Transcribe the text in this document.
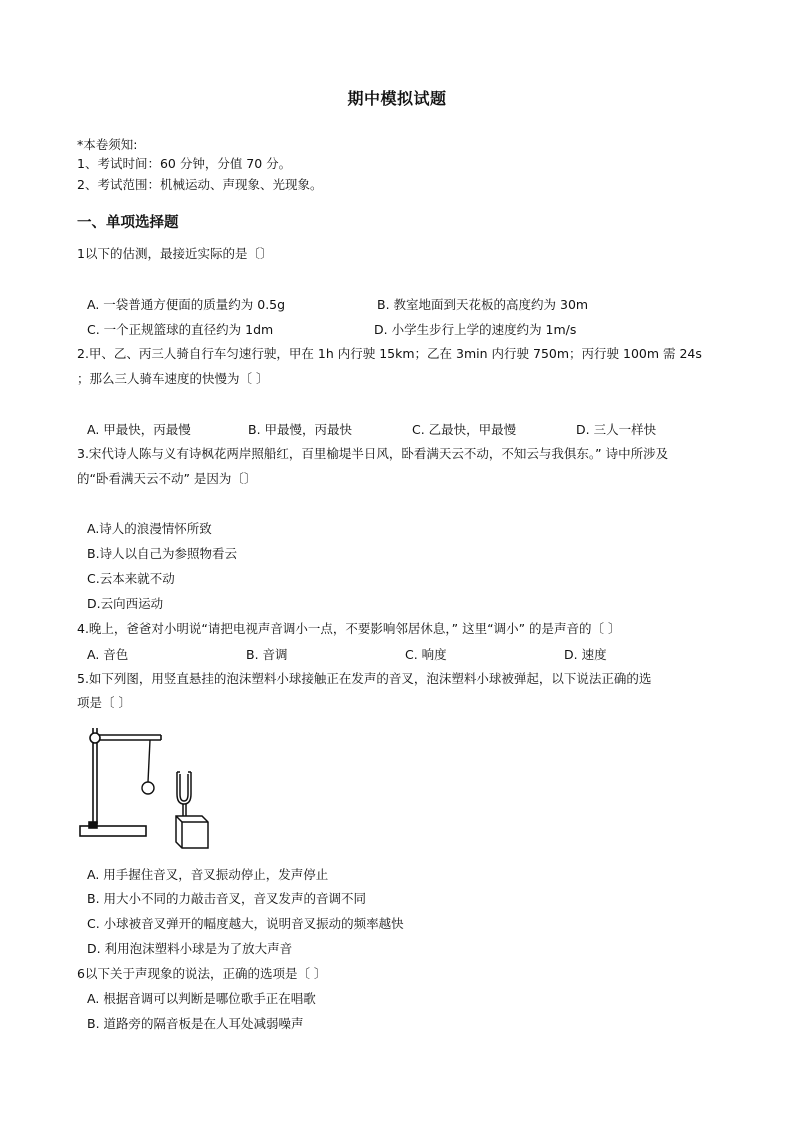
期中模拟试题
*本卷须知:
1、考试时间：60 分钟，分值 70 分。
2、考试范围：机械运动、声现象、光现象。
一、单项选择题
1以下的估测，最接近实际的是〔〕
A. 一袋普通方便面的质量约为 0.5g	B. 教室地面到天花板的高度约为 30m
C. 一个正规篮球的直径约为 1dm	D. 小学生步行上学的速度约为 1m/s
2.甲、乙、丙三人骑自行车匀速行驶，甲在 1h 内行驶 15km；乙在 3min 内行驶 750m；丙行驶 100m 需 24s
；那么三人骑车速度的快慢为〔 〕
A. 甲最快，丙最慢	B. 甲最慢，丙最快	C. 乙最快，甲最慢	D. 三人一样快
3.宋代诗人陈与义有诗枫花两岸照船红，百里榆堤半日风，卧看满天云不动，不知云与我俱东。” 诗中所涉及
的“卧看满天云不动” 是因为〔〕
A.诗人的浪漫情怀所致
B.诗人以自己为参照物看云
C.云本来就不动
D.云向西运动
4.晚上，爸爸对小明说“请把电视声音调小一点，不要影响邻居休息，” 这里“调小” 的是声音的〔 〕
A. 音色	B. 音调	C. 响度	D. 速度
5.如下列图，用竖直悬挂的泡沫塑料小球接触正在发声的音叉，泡沫塑料小球被弹起，以下说法正确的选
项是〔 〕
A. 用手握住音叉，音叉振动停止，发声停止
B. 用大小不同的力敲击音叉，音叉发声的音调不同
C. 小球被音叉弹开的幅度越大，说明音叉振动的频率越快
D. 利用泡沫塑料小球是为了放大声音
6以下关于声现象的说法，正确的选项是〔 〕
A. 根据音调可以判断是哪位歌手正在唱歌
B. 道路旁的隔音板是在人耳处减弱噪声
